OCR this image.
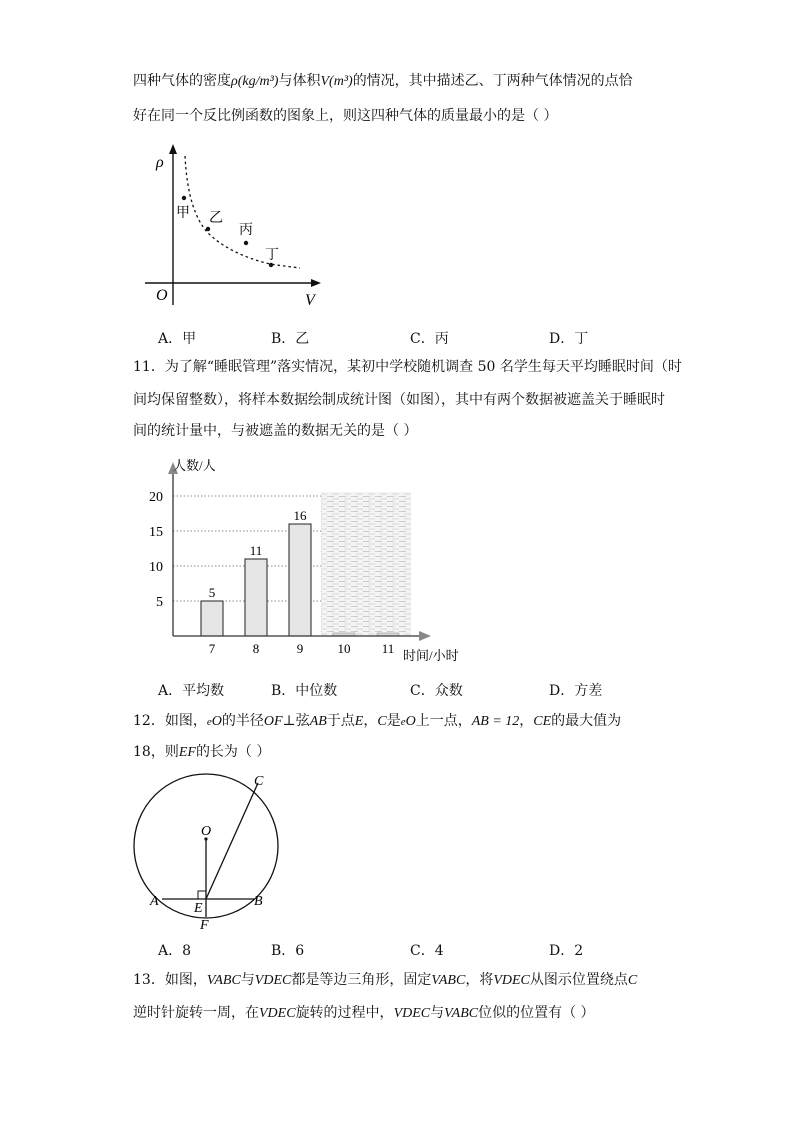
四种气体的密度ρ(kg/m³)与体积V(m³)的情况，其中描述乙、丁两种气体情况的点恰
好在同一个反比例函数的图象上，则这四种气体的质量最小的是（ ）
ρ
V
O
甲 乙
丙
丁
A．甲	B．乙	C．丙	D．丁
11．为了解“睡眠管理”落实情况，某初中学校随机调查 50 名学生每天平均睡眠时间（时
间均保留整数），将样本数据绘制成统计图（如图），其中有两个数据被遮盖关于睡眠时
间的统计量中，与被遮盖的数据无关的是（ ）
5
10
15
20
5
7
11
8
16
9	10 11
人数/人
时间/小时
A．平均数	B．中位数	C．众数	D．方差
12．如图，eO的半径OF⊥弦AB于点E，C是eO上一点，AB = 12，CE的最大值为
18，则EF的长为（ ）
O
C
A	B
E
F
A．8	B．6	C．4	D．2
13．如图，VABC与VDEC都是等边三角形，固定VABC，将VDEC从图示位置绕点C
逆时针旋转一周，在VDEC旋转的过程中，VDEC与VABC位似的位置有（ ）
